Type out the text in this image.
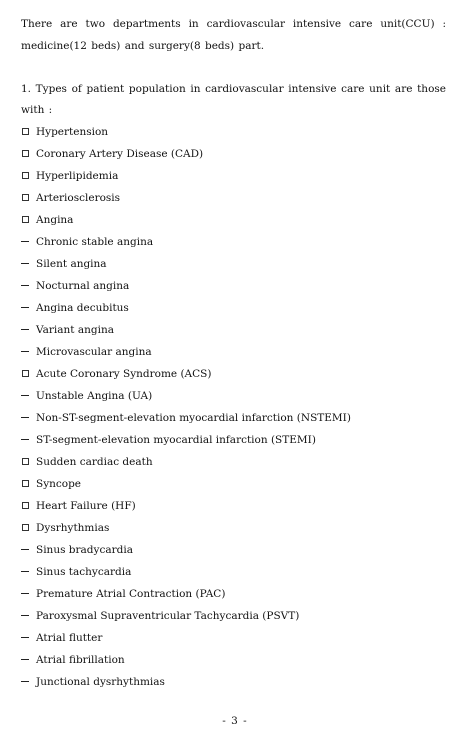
There are two departments in cardiovascular intensive care unit(CCU) : medicine(12 beds) and surgery(8 beds) part.

1. Types of patient population in cardiovascular intensive care unit are those with :

Hypertension
Coronary Artery Disease (CAD)
Hyperlipidemia
Arteriosclerosis
Angina
Chronic stable angina
Silent angina
Nocturnal angina
Angina decubitus
Variant angina
Microvascular angina
Acute Coronary Syndrome (ACS)
Unstable Angina (UA)
Non-ST-segment-elevation myocardial infarction (NSTEMI)
ST-segment-elevation myocardial infarction (STEMI)
Sudden cardiac death
Syncope
Heart Failure (HF)
Dysrhythmias
Sinus bradycardia
Sinus tachycardia
Premature Atrial Contraction (PAC)
Paroxysmal Supraventricular Tachycardia (PSVT)
Atrial flutter
Atrial fibrillation
Junctional dysrhythmias
- 3 -
